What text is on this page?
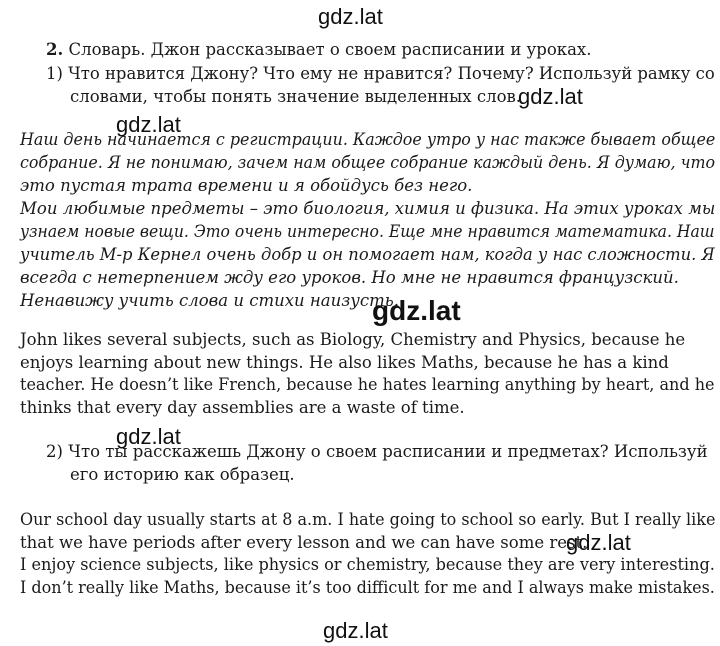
gdz.lat
gdz.lat
gdz.lat
gdz.lat
gdz.lat
gdz.lat
gdz.lat
2. Словарь. Джон рассказывает о своем расписании и уроках.
1) Что нравится Джону? Что ему не нравится? Почему? Используй рамку со
словами, чтобы понять значение выделенных слов.
Наш день начинается с регистрации. Каждое утро у нас также бывает общее
собрание. Я не понимаю, зачем нам общее собрание каждый день. Я думаю, что
это пустая трата времени и я обойдусь без него.
Мои любимые предметы – это биология, химия и физика. На этих уроках мы
узнаем новые вещи. Это очень интересно. Еще мне нравится математика. Наш
учитель М-р Кернел очень добр и он помогает нам, когда у нас сложности. Я
всегда с нетерпением жду его уроков. Но мне не нравится французский.
Ненавижу учить слова и стихи наизусть.
John likes several subjects, such as Biology, Chemistry and Physics, because he
enjoys learning about new things. He also likes Maths, because he has a kind
teacher. He doesn’t like French, because he hates learning anything by heart, and he
thinks that every day assemblies are a waste of time.
2) Что ты расскажешь Джону о своем расписании и предметах? Используй
его историю как образец.
Our school day usually starts at 8 a.m. I hate going to school so early. But I really like
that we have periods after every lesson and we can have some rest.
I enjoy science subjects, like physics or chemistry, because they are very interesting.
I don’t really like Maths, because it’s too difficult for me and I always make mistakes.
